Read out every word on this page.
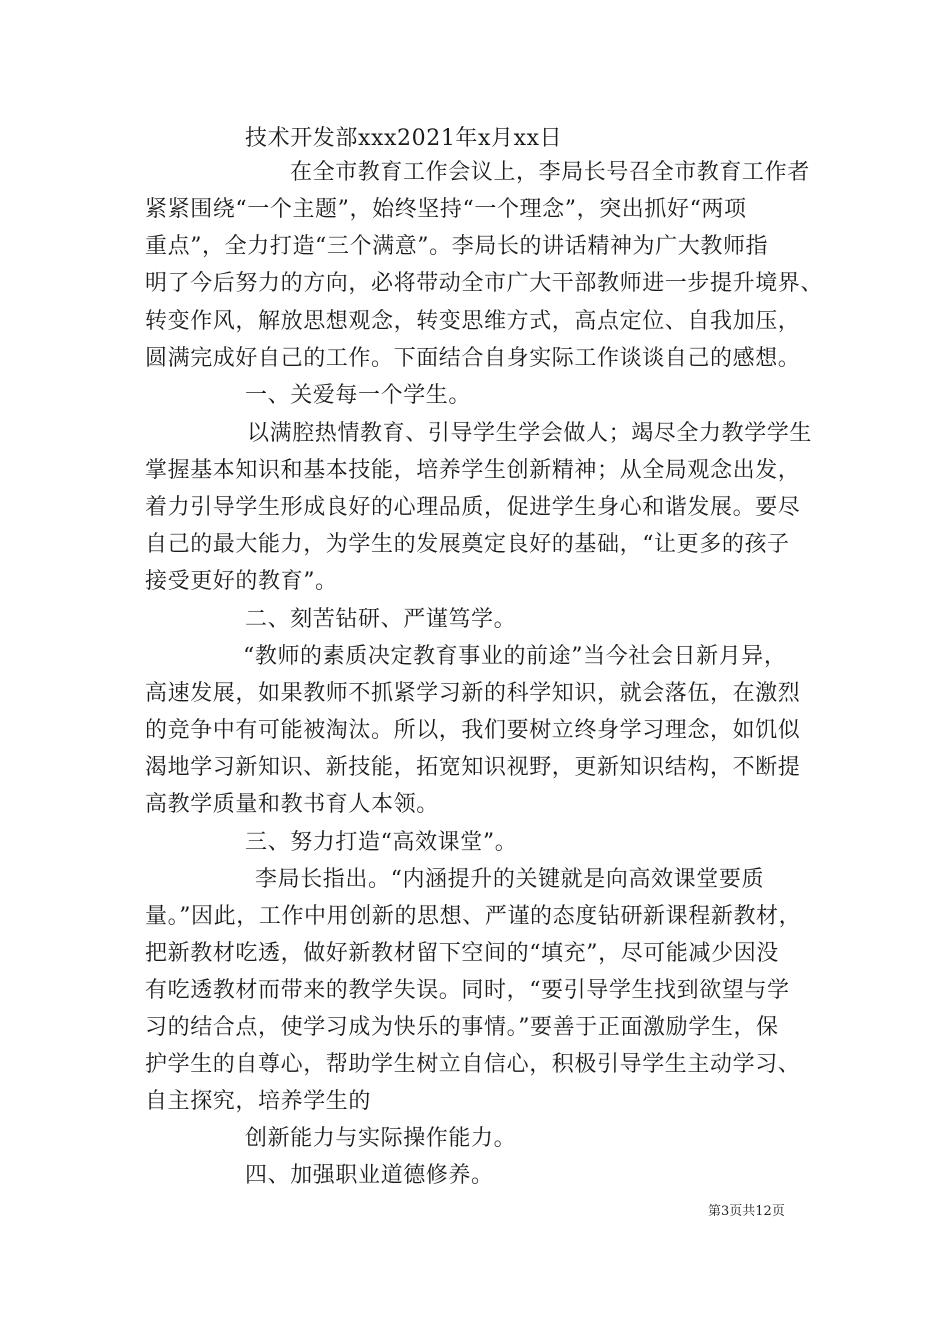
技术开发部xxx2021年x月xx日
在全市教育工作会议上，李局长号召全市教育工作者
紧紧围绕“一个主题”，始终坚持“一个理念”，突出抓好“两项
重点”，全力打造“三个满意”。李局长的讲话精神为广大教师指
明了今后努力的方向，必将带动全市广大干部教师进一步提升境界、
转变作风，解放思想观念，转变思维方式，高点定位、自我加压，
圆满完成好自己的工作。下面结合自身实际工作谈谈自己的感想。
一、关爱每一个学生。
以满腔热情教育、引导学生学会做人；竭尽全力教学学生
掌握基本知识和基本技能，培养学生创新精神；从全局观念出发，
着力引导学生形成良好的心理品质，促进学生身心和谐发展。要尽
自己的最大能力，为学生的发展奠定良好的基础，“让更多的孩子
接受更好的教育”。
二、刻苦钻研、严谨笃学。
“教师的素质决定教育事业的前途”当今社会日新月异，
高速发展，如果教师不抓紧学习新的科学知识，就会落伍，在激烈
的竞争中有可能被淘汰。所以，我们要树立终身学习理念，如饥似
渴地学习新知识、新技能，拓宽知识视野，更新知识结构，不断提
高教学质量和教书育人本领。
三、努力打造“高效课堂”。
李局长指出。“内涵提升的关键就是向高效课堂要质
量。”因此，工作中用创新的思想、严谨的态度钻研新课程新教材，
把新教材吃透，做好新教材留下空间的“填充”，尽可能减少因没
有吃透教材而带来的教学失误。同时，“要引导学生找到欲望与学
习的结合点，使学习成为快乐的事情。”要善于正面激励学生，保
护学生的自尊心，帮助学生树立自信心，积极引导学生主动学习、
自主探究，培养学生的
创新能力与实际操作能力。
四、加强职业道德修养。
第3页共12页
